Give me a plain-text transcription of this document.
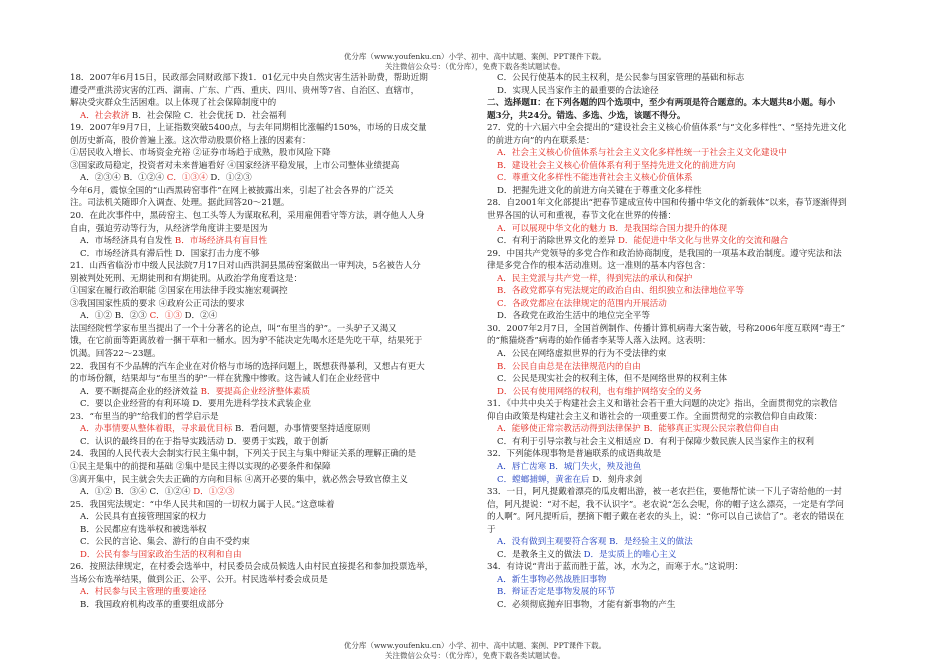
优分库（www.youfenku.cn）小学、初中、高中试题、案例、PPT课件下载。
关注微信公众号：（优分库），免费下载各类试题试卷。

18．2007年6月15日，民政部会同财政部下拨1．01亿元中央自然灾害生活补助费，帮助近期

遭受严重洪涝灾害的江西、湖南、广东、广西、重庆、四川、贵州等7省、自治区、直辖市，

解决受灾群众生活困难。以上体现了社会保障制度中的

A．社会救济 B．社会保险 C．社会优抚 D．社会福利

19．2007年9月7日，上证指数突破5400点，与去年同期相比涨幅约150%，市场的日成交量

创历史新高，股价普遍上涨。这次带动股票价格上涨的因素有：

①居民收入增长、市场资金充裕 ②证券市场趋于成熟，股市风险下降

③国家政局稳定，投资者对未来普遍看好 ④国家经济平稳发展，上市公司整体业绩提高

A．②③④ B．①②④ C．①③④ D．①②③

今年6月，震惊全国的“山西黑砖窑事件”在网上被披露出来，引起了社会各界的广泛关

注。司法机关随即介入调查、处理。据此回答20～21题。

20．在此次事件中，黑砖窑主、包工头等人为谋取私利，采用雇佣看守等方法，剥夺他人人身

自由，强迫劳动等行为，从经济学角度讲主要是因为

A．市场经济具有自发性 B．市场经济具有盲目性

C．市场经济具有滞后性 D．国家打击力度不够

21．山西省临汾市中级人民法院7月17日对山西洪洞县黑砖窑案做出一审判决，5名被告人分

别被判处死刑、无期徒刑和有期徒刑。从政治学角度看这是：

①国家在履行政治职能 ②国家在用法律手段实施宏观调控

③我国国家性质的要求 ④政府公正司法的要求

A．①② B．②③ C．①③ D．②④

法国经院哲学家布里当提出了一个十分著名的论点，叫“布里当的驴”。一头驴子又渴又

饿，在它前面等距离放着一捆干草和一桶水。因为驴不能决定先喝水还是先吃干草，结果死于

饥渴。回答22～23题。

22．我国有不少品牌的汽车企业在对价格与市场的选择问题上，既想获得暴利，又想占有更大

的市场份额，结果却与“布里当的驴”一样在犹豫中惨败。这告诫人们在企业经营中

A．要不断提高企业的经济效益 B．要提高企业经济整体素质

C．要以企业经营的有利环境 D．要用先进科学技术武装企业

23．“布里当的驴”给我们的哲学启示是

A．办事情要从整体着眼，寻求最优目标 B．看问题，办事情要坚持适度原则

C．认识的最终目的在于指导实践活动 D．要勇于实践，敢于创新

24．我国的人民代表大会制实行民主集中制，下列关于民主与集中辩证关系的理解正确的是

①民主是集中的前提和基础 ②集中是民主得以实现的必要条件和保障

③离开集中，民主就会失去正确的方向和目标 ④离开必要的集中，就必然会导致官僚主义

A．①② B．③④ C．①②④ D．①②③

25．我国宪法规定：“中华人民共和国的一切权力属于人民。”这意味着

A．公民具有直接管理国家的权力

B．公民都应有选举权和被选举权

C．公民的言论、集会、游行的自由不受约束

D．公民有参与国家政治生活的权利和自由

26．按照法律规定，在村委会选举中，村民委员会成员候选人由村民直接提名和参加投票选举，

当场公布选举结果，做到公正、公平、公开。村民选举村委会成员是

A．村民参与民主管理的重要途径

B．我国政府机构改革的重要组成部分

C．公民行使基本的民主权利，是公民参与国家管理的基础和标志

D．实现人民当家作主的最重要的合法途径

二、选择题Ⅱ：在下列各题的四个选项中，至少有两项是符合题意的。本大题共8小题。每小

题3分，共24分。错选、多选、少选，该题不得分。

27．党的十六届六中全会提出的“建设社会主义核心价值体系”与“文化多样性”、“坚持先进文化

的前进方向”的内在联系是：

A．社会主义核心价值体系与社会主义文化多样性统一于社会主义文化建设中

B．建设社会主义核心价值体系有利于坚持先进文化的前进方向

C．尊重文化多样性不能违背社会主义核心价值体系

D．把握先进文化的前进方向关键在于尊重文化多样性

28．自2001年文化部提出“把春节建成宣传中国和传播中华文化的新载体”以来，春节逐渐得到

世界各国的认可和重视，春节文化在世界的传播：

A．可以展现中华文化的魅力 B．是我国综合国力提升的体现

C．有利于消除世界文化的差异 D．能促进中华文化与世界文化的交流和融合

29．中国共产党领导的多党合作和政治协商制度，是我国的一项基本政治制度。遵守宪法和法

律是多党合作的根本活动准则。这一准则的基本内容包含：

A．民主党派与共产党一样，得到宪法的承认和保护

B．各政党都享有宪法规定的政治自由、组织独立和法律地位平等

C．各政党都应在法律规定的范围内开展活动

D．各政党在政治生活中的地位完全平等

30．2007年2月7日，全国首例制作、传播计算机病毒大案告破，号称2006年度互联网“毒王”

的“熊猫烧香”病毒的始作俑者李某等人落入法网。这表明：

A．公民在网络虚拟世界的行为不受法律约束

B．公民自由总是在法律规范内的自由

C．公民是现实社会的权利主体，但不是网络世界的权利主体

D．公民有使用网络的权利，也有维护网络安全的义务

31．《中共中央关于构建社会主义和谐社会若干重大问题的决定》指出，全面贯彻党的宗教信

仰自由政策是构建社会主义和谐社会的一项重要工作。全面贯彻党的宗教信仰自由政策：

A．能够使正常宗教活动得到法律保护 B．能够真正实现公民宗教信仰自由

C．有利于引导宗教与社会主义相适应 D．有利于保障少数民族人民当家作主的权利

32．下列能体现事物是普遍联系的成语典故是

A．唇亡齿寒 B．城门失火，殃及池鱼

C．螳螂捕蝉，黄雀在后 D．刻舟求剑

33．一日，阿凡提戴着漂亮的瓜皮帽出游，被一老农拦住，要他帮忙读一下儿子寄给他的一封

信，阿凡提说：“对不起，我不认识字”。老农说“怎么会呢，你的帽子这么漂亮，一定是有学问

的人啊”。阿凡提听后，摆摘下帽子戴在老农的头上，说：“你可以自己读信了”。老农的错误在

于

A．没有做到主观要符合客观 B．是经验主义的做法

C．是教条主义的做法 D．是实质上的唯心主义

34．有诗说“青出于蓝而胜于蓝，冰，水为之，而寒于水。”这说明：

A．新生事物必然战胜旧事物

B．辩证否定是事物发展的环节

C．必须彻底抛弃旧事物，才能有新事物的产生

优分库（www.youfenku.cn）小学、初中、高中试题、案例、PPT课件下载。
关注微信公众号：（优分库），免费下载各类试题试卷。
